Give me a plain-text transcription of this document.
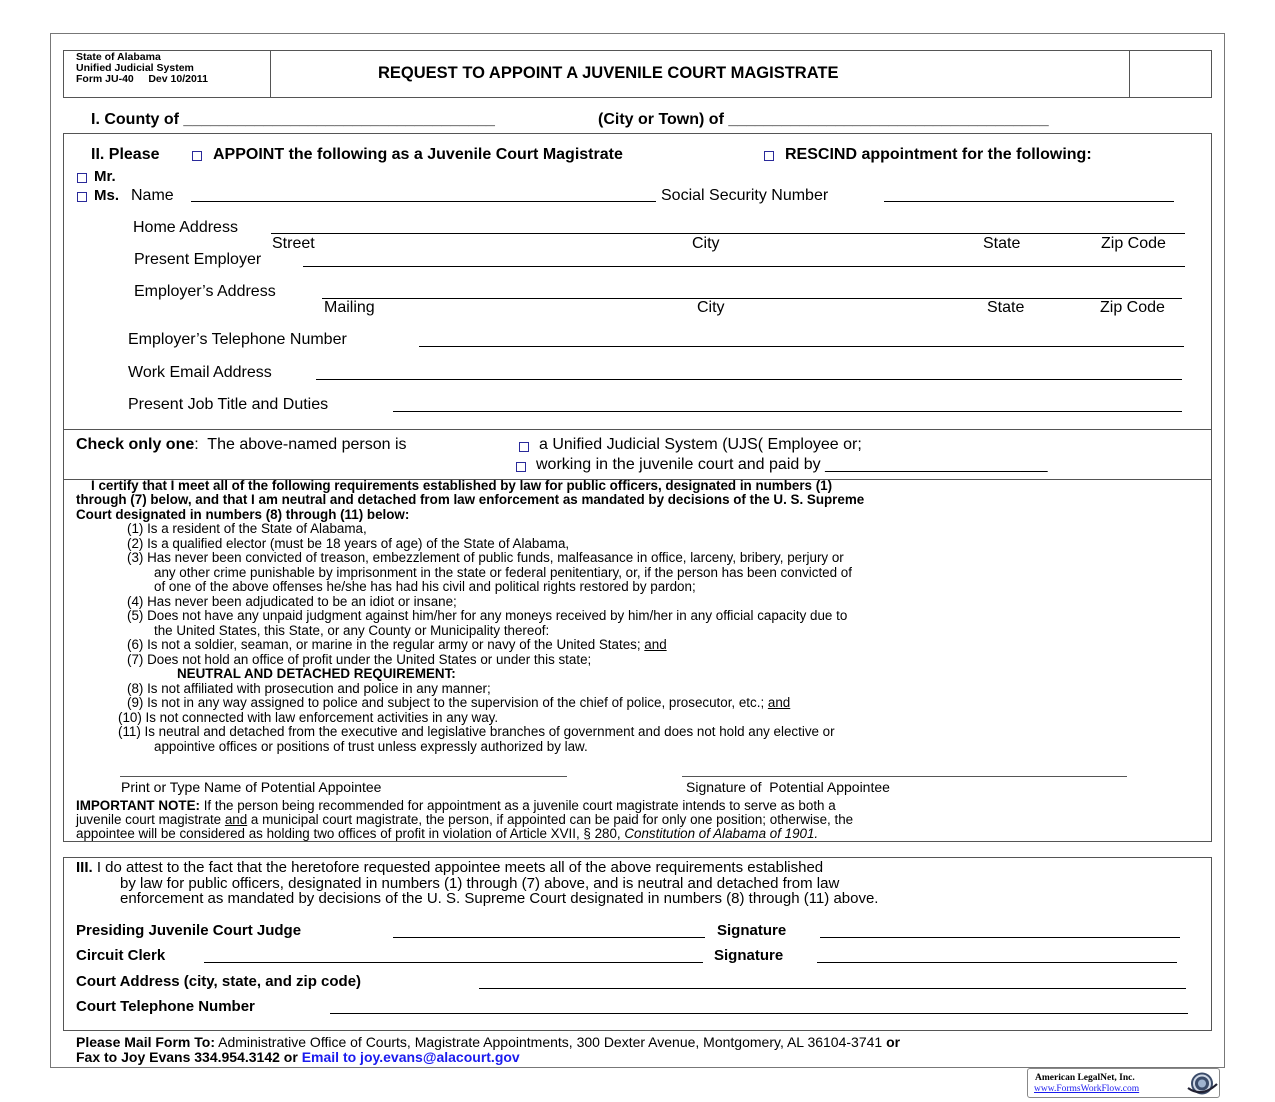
State of Alabama
Unified Judicial System
Form JU-40     Dev 10/2011	REQUEST TO APPOINT A JUVENILE COURT MAGISTRATE
I. County of ___________________________________	(City or Town) of ____________________________________
II. Please	APPOINT the following as a Juvenile Court Magistrate	RESCIND appointment for the following:
Mr.
Ms. Name	Social Security Number
Home Address
Street	City	State	Zip Code
Present Employer
Employer’s Address
Mailing	City	State	Zip Code
Employer’s Telephone Number
Work Email Address
Present Job Title and Duties
Check only one:  The above-named person is	a Unified Judicial System (UJS( Employee or;
working in the juvenile court and paid by _________________________
I certify that I meet all of the following requirements established by law for public officers, designated in numbers (1)
through (7) below, and that I am neutral and detached from law enforcement as mandated by decisions of the U. S. Supreme
Court designated in numbers (8) through (11) below:
(1) Is a resident of the State of Alabama,
(2) Is a qualified elector (must be 18 years of age) of the State of Alabama,
(3) Has never been convicted of treason, embezzlement of public funds, malfeasance in office, larceny, bribery, perjury or
any other crime punishable by imprisonment in the state or federal penitentiary, or, if the person has been convicted of
of one of the above offenses he/she has had his civil and political rights restored by pardon;
(4) Has never been adjudicated to be an idiot or insane;
(5) Does not have any unpaid judgment against him/her for any moneys received by him/her in any official capacity due to
the United States, this State, or any County or Municipality thereof:
(6) Is not a soldier, seaman, or marine in the regular army or navy of the United States; and
(7) Does not hold an office of profit under the United States or under this state;
NEUTRAL AND DETACHED REQUIREMENT:
(8) Is not affiliated with prosecution and police in any manner;
(9) Is not in any way assigned to police and subject to the supervision of the chief of police, prosecutor, etc.; and
(10) Is not connected with law enforcement activities in any way.
(11) Is neutral and detached from the executive and legislative branches of government and does not hold any elective or
appointive offices or positions of trust unless expressly authorized by law.
Print or Type Name of Potential Appointee	Signature of  Potential Appointee
IMPORTANT NOTE: If the person being recommended for appointment as a juvenile court magistrate intends to serve as both a
juvenile court magistrate and a municipal court magistrate, the person, if appointed can be paid for only one position; otherwise, the
appointee will be considered as holding two offices of profit in violation of Article XVII, § 280, Constitution of Alabama of 1901.
III. I do attest to the fact that the heretofore requested appointee meets all of the above requirements established
by law for public officers, designated in numbers (1) through (7) above, and is neutral and detached from law
enforcement as mandated by decisions of the U. S. Supreme Court designated in numbers (8) through (11) above.
Presiding Juvenile Court Judge	Signature
Circuit Clerk	Signature
Court Address (city, state, and zip code)
Court Telephone Number
Please Mail Form To: Administrative Office of Courts, Magistrate Appointments, 300 Dexter Avenue, Montgomery, AL 36104-3741 or
Fax to Joy Evans 334.954.3142 or Email to joy.evans@alacourt.gov
American LegalNet, Inc.
www.FormsWorkFlow.com
